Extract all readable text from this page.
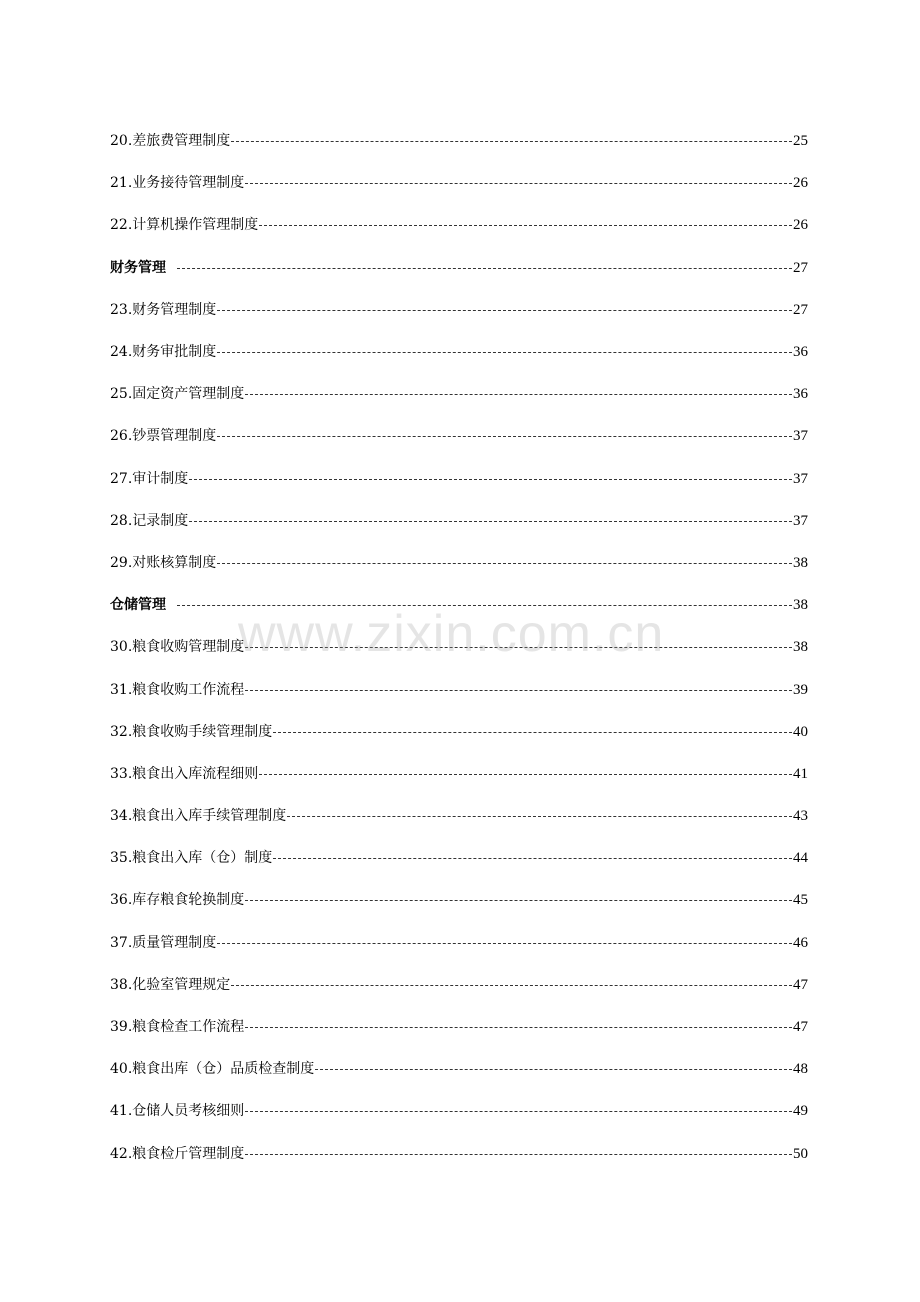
20.差旅费管理制度	25
21.业务接待管理制度	26
22.计算机操作管理制度	26
财务管理	27
23.财务管理制度	27
24.财务审批制度	36
25.固定资产管理制度	36
26.钞票管理制度	37
27.审计制度	37
28.记录制度	37
29.对账核算制度	38
仓储管理	38
30.粮食收购管理制度	38
31.粮食收购工作流程	39
32.粮食收购手续管理制度	40
33.粮食出入库流程细则	41
34.粮食出入库手续管理制度	43
35.粮食出入库（仓）制度	44
36.库存粮食轮换制度	45
37.质量管理制度	46
38.化验室管理规定	47
39.粮食检查工作流程	47
40.粮食出库（仓）品质检查制度	48
41.仓储人员考核细则	49
42.粮食检斤管理制度	50
www.zixin.com.cn
